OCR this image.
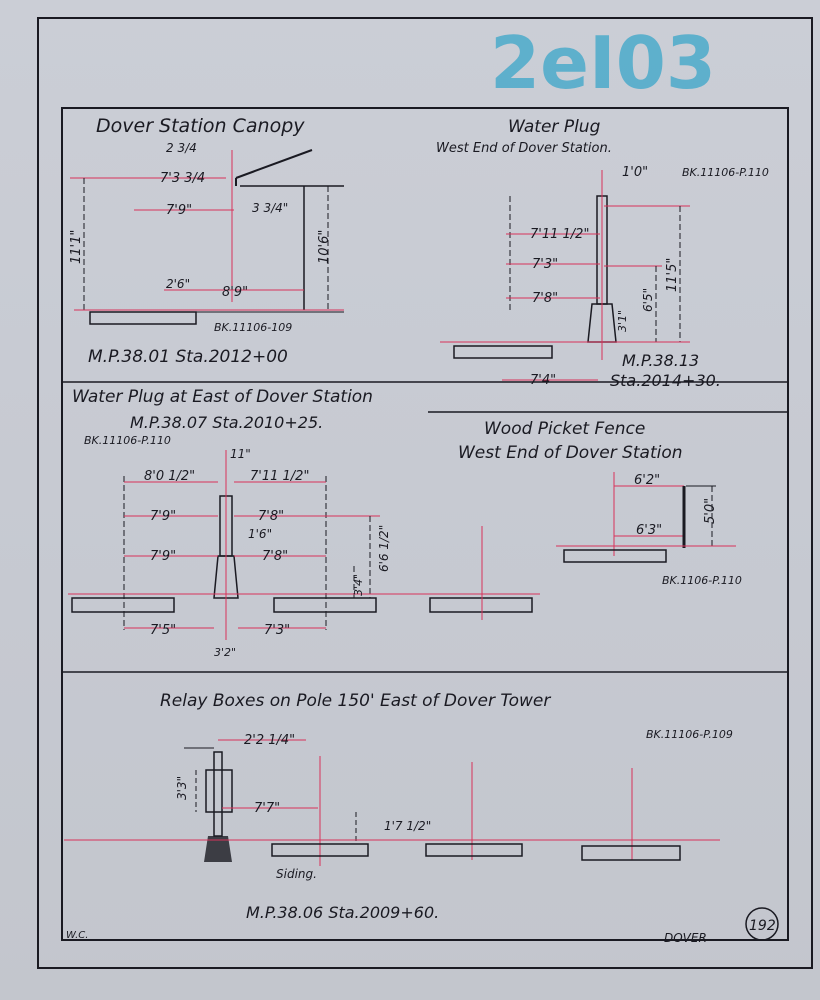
2eI03
Dover Station Canopy
2 3/4
7'3 3/4
7'9"	3 3/4"
11'1"	10'6"
2'6"
8'9"
BK.11106-109
M.P.38.01 Sta.2012+00
Water Plug
West End of Dover Station.
BK.11106-P.110
1'0"
7'11 1/2"
7'3"
7'8"
11'5"
6'5"
3'1"
7'4"
M.P.38.13
Sta.2014+30.
Water Plug at East of Dover Station
M.P.38.07 Sta.2010+25.
BK.11106-P.110
11"
8'0 1/2"	7'11 1/2"
7'9"	7'8"
1'6"
7'9"	7'8"	6'6 1/2"
3'4"
7'5"	7'3"
3'2"
Wood Picket Fence
West End of Dover Station
6'2"
5'0"
6'3"
BK.1106-P.110
Relay Boxes on Pole 150' East of Dover Tower
BK.11106-P.109
2'2 1/4"
3'3"
7'7"
1'7 1/2"
Siding.
M.P.38.06 Sta.2009+60.
W.C.	DOVER
192
